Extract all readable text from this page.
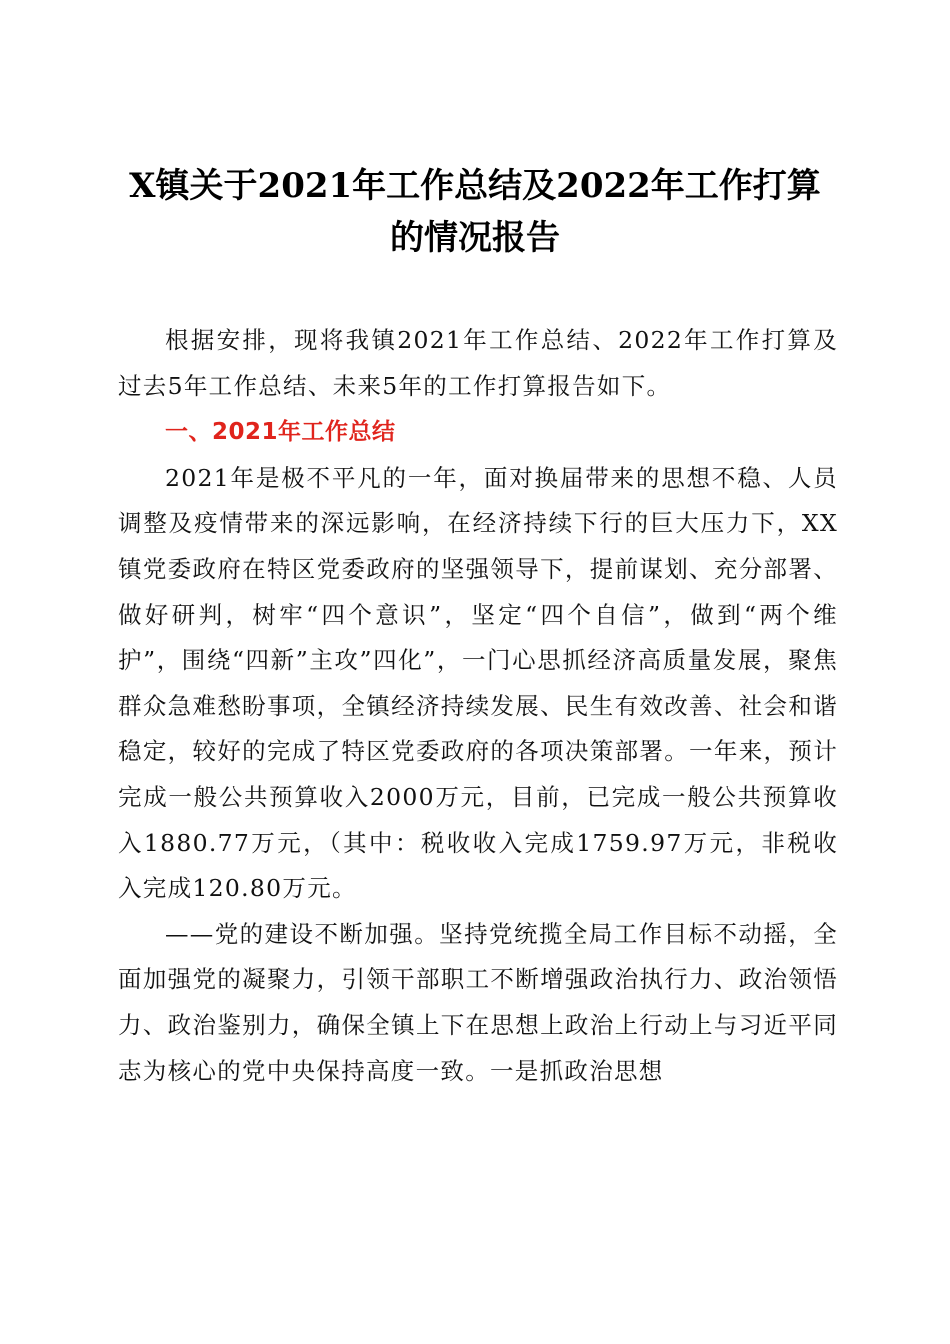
X镇关于2021年工作总结及2022年工作打算
的情况报告

根据安排，现将我镇2021年工作总结、2022年工作打算及过去5年工作总结、未来5年的工作打算报告如下。

一、2021年工作总结

2021年是极不平凡的一年，面对换届带来的思想不稳、人员调整及疫情带来的深远影响，在经济持续下行的巨大压力下，XX镇党委政府在特区党委政府的坚强领导下，提前谋划、充分部署、做好研判，树牢“四个意识”，坚定“四个自信”，做到“两个维护”，围绕“四新”主攻”四化”，一门心思抓经济高质量发展，聚焦群众急难愁盼事项，全镇经济持续发展、民生有效改善、社会和谐稳定，较好的完成了特区党委政府的各项决策部署。一年来，预计完成一般公共预算收入2000万元，目前，已完成一般公共预算收入1880.77万元，（其中：税收收入完成1759.97万元，非税收入完成120.80万元。

——党的建设不断加强。坚持党统揽全局工作目标不动摇，全面加强党的凝聚力，引领干部职工不断增强政治执行力、政治领悟力、政治鉴别力，确保全镇上下在思想上政治上行动上与习近平同志为核心的党中央保持高度一致。一是抓政治思想
